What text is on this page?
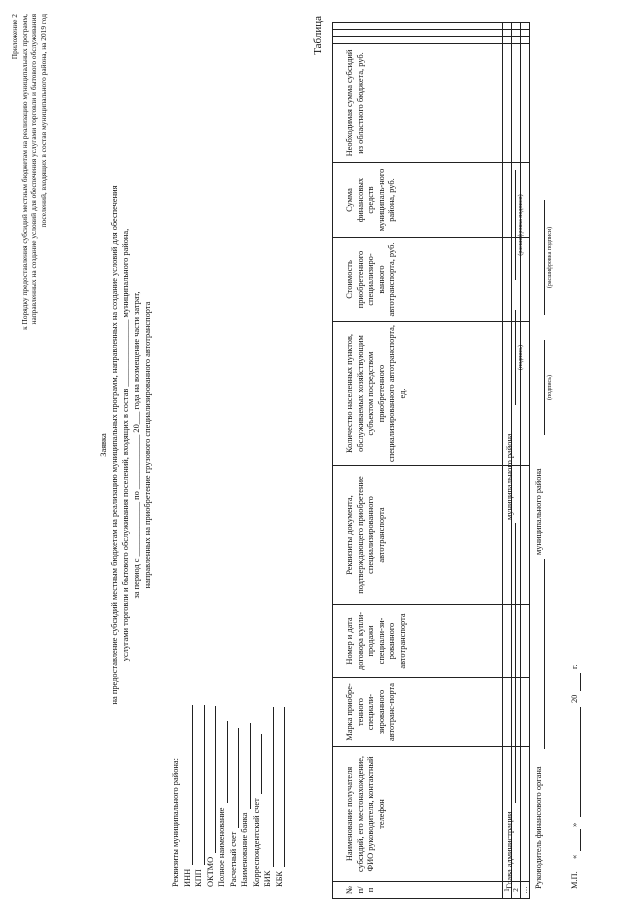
Приложение 2 к Порядку предоставления субсидий местным бюджетам на реализацию муниципальных программ, направленных на создание условий для обеспечения услугами торговли и бытового обслуживания поселений, входящих в состав муниципального района, на 2019 год
Заявка на предоставление субсидий местным бюджетам на реализацию муниципальных программ, направленных на создание условий для обеспечения услугами торговли и бытового обслуживания поселений, входящих в состав ________________ муниципального района, за период с _____________ по _____________ 20___ года на возмещение части затрат, направленных на приобретение грузового специализированного автотранспорта
Таблица
Реквизиты муниципального района: ИНН КПП ОКТМО Полное наименование Расчетный счет Наименование банка Корреспондентский счет БИК КБК
№ п/п	Наименование получателя субсидий, его местонахождение, ФИО руководителя, контактный телефон	Марка приобре-тенного специали-зированного автотранс-порта	Номер и дата договора купли-продажи специали-зи-рованного автотранспорта	Реквизиты документа, подтверждающего приобретение специализированного автотранспорта	Количество населенных пунктов, обслуживаемых хозяйствующим субъектом посредством приобретенного специализированного автотранспорта, ед.	Стоимость приобретенного специализиро-ванного автотранспорта, руб.	Сумма финансовых средств муниципаль-ного района, руб.	Необходимая сумма субсидий из областного бюджета, руб.			
1											
2											
…											
Глава администрации
муниципального района
(подпись)
(расшифровка подписи)
Руководитель финансового органа
муниципального района
(подпись)
(расшифровка подписи)
М.П.
«
»
20
г.
